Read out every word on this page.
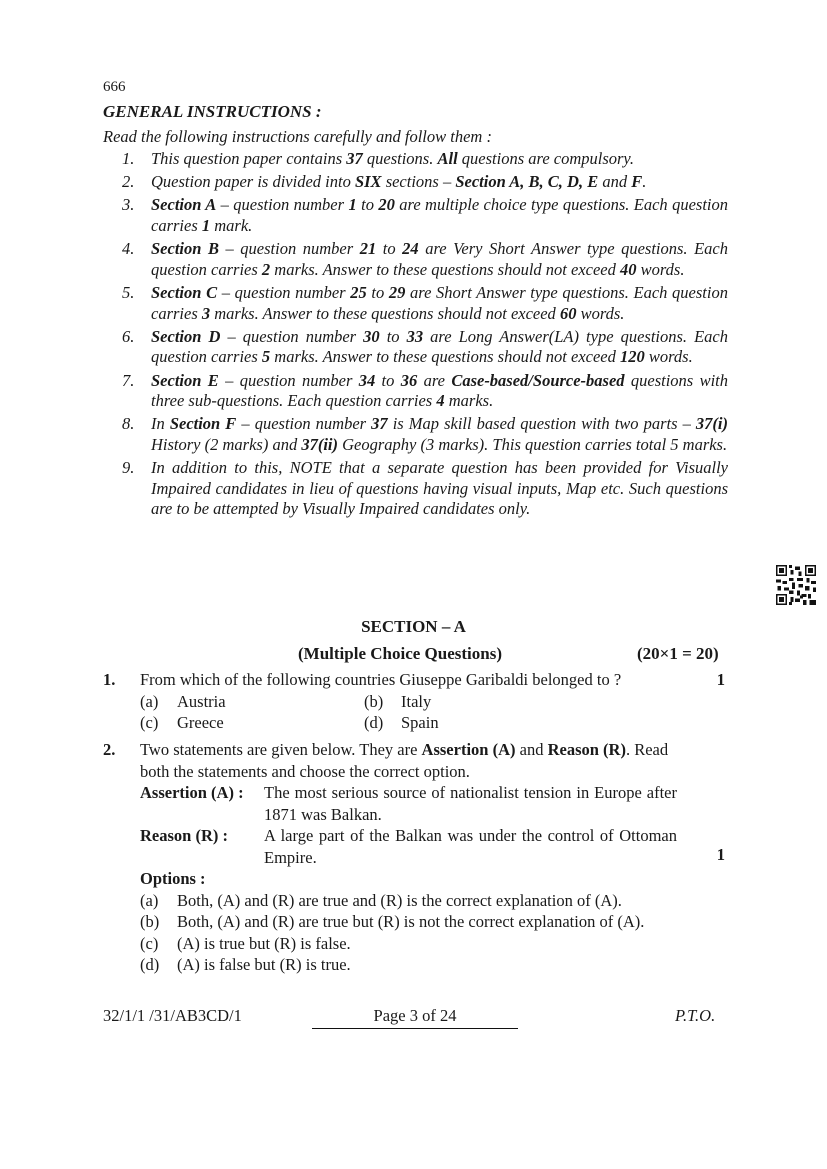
666
GENERAL INSTRUCTIONS :
Read the following instructions carefully and follow them :
1.	This question paper contains 37 questions. All questions are compulsory.
2.	Question paper is divided into SIX sections – Section A, B, C, D, E and F.
3.	Section A – question number 1 to 20 are multiple choice type questions. Each question carries 1 mark.
4.	Section B – question number 21 to 24 are Very Short Answer type questions. Each question carries 2 marks. Answer to these questions should not exceed 40 words.
5.	Section C – question number 25 to 29 are Short Answer type questions. Each question carries 3 marks. Answer to these questions should not exceed 60 words.
6.	Section D – question number 30 to 33 are Long Answer(LA) type questions. Each question carries 5 marks. Answer to these questions should not exceed 120 words.
7.	Section E – question number 34 to 36 are Case-based/Source-based questions with three sub-questions. Each question carries 4 marks.
8.	In Section F – question number 37 is Map skill based question with two parts – 37(i) History (2 marks) and 37(ii) Geography (3 marks). This question carries total 5 marks.
9.	In addition to this, NOTE that a separate question has been provided for Visually Impaired candidates in lieu of questions having visual inputs, Map etc. Such questions are to be attempted by Visually Impaired candidates only.
SECTION – A
(Multiple Choice Questions)	(20×1 = 20)
1. From which of the following countries Giuseppe Garibaldi belonged to ?
(a)	Austria	(b)	Italy
(c)	Greece	(d)	Spain
1
2. Two statements are given below. They are Assertion (A) and Reason (R). Read both the statements and choose the correct option.
Assertion (A) :	The most serious source of nationalist tension in Europe after 1871 was Balkan.
Reason (R) :	A large part of the Balkan was under the control of Ottoman Empire.
Options :
(a)	Both, (A) and (R) are true and (R) is the correct explanation of (A).
(b)	Both, (A) and (R) are true but (R) is not the correct explanation of (A).
(c)	(A) is true but (R) is false.
(d)	(A) is false but (R) is true.
1
32/1/1 /31/AB3CD/1	Page 3 of 24	P.T.O.
